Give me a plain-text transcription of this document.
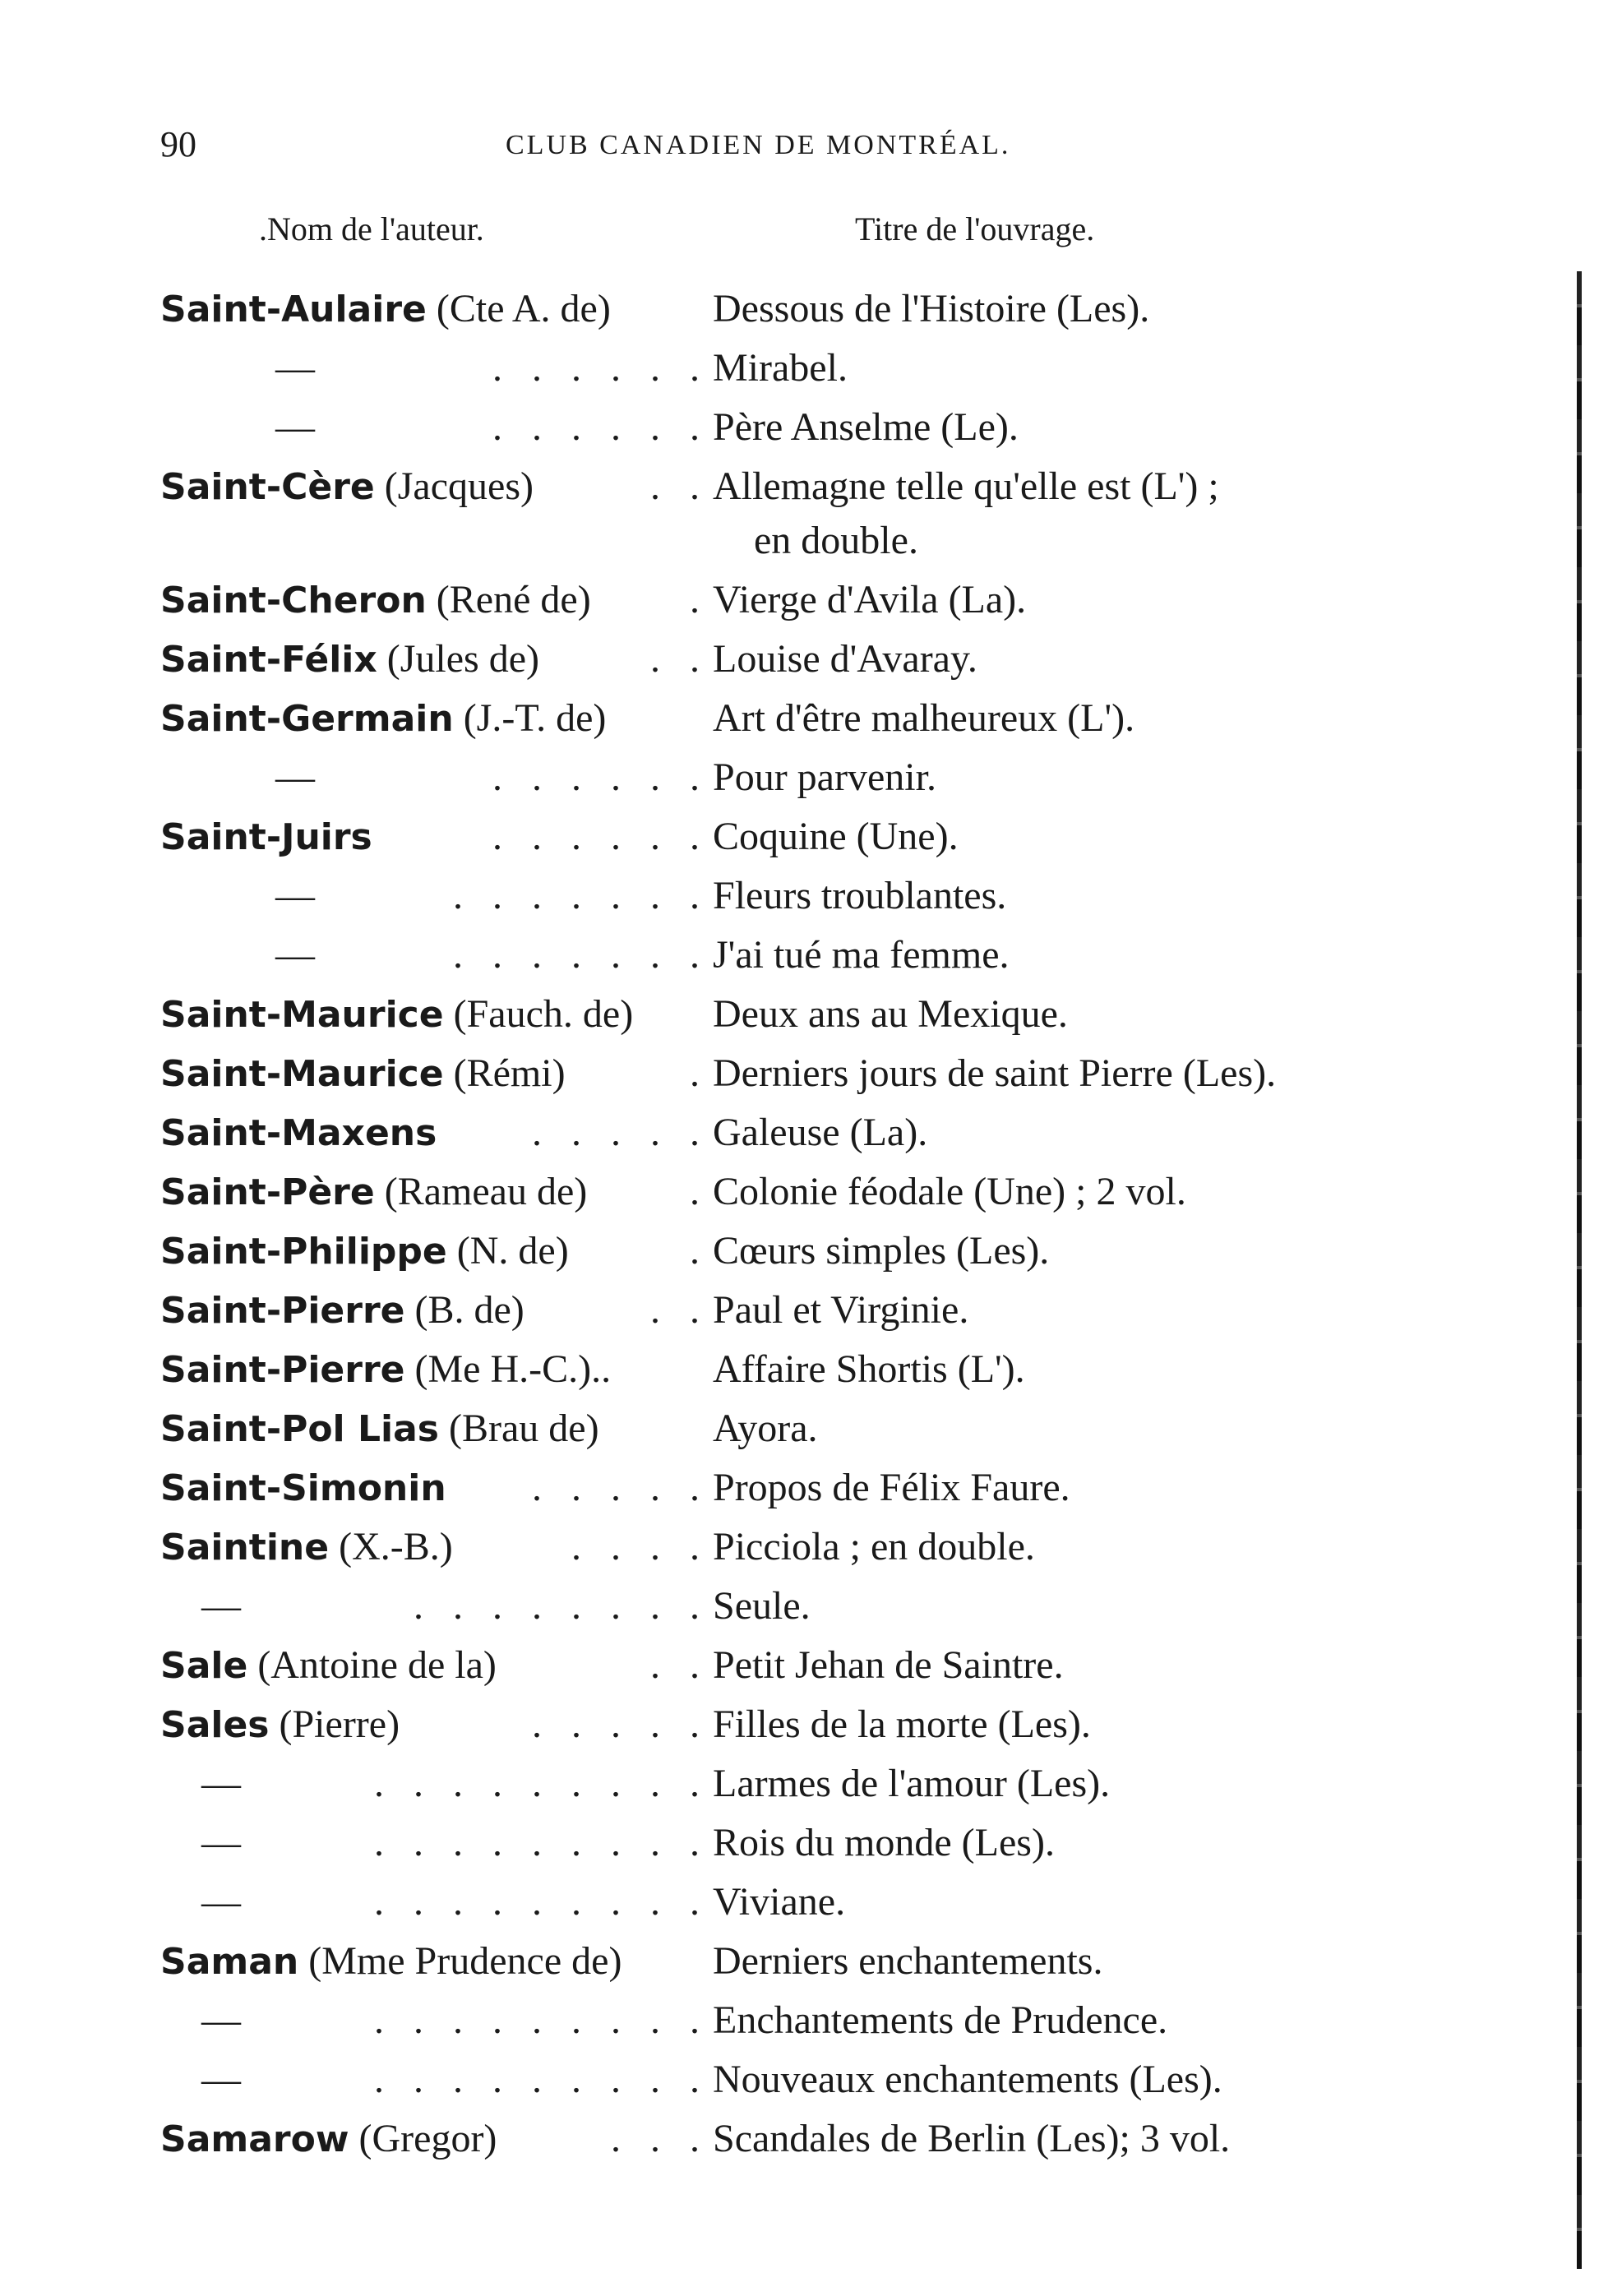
90	CLUB CANADIEN DE MONTRÉAL.
.Nom de l'auteur.	Titre de l'ouvrage.
Saint-Aulaire (Cte A. de)	Dessous de l'Histoire (Les).
—	. . . . . . Mirabel.
—	. . . . . . Père Anselme (Le).
Saint-Cère (Jacques)	. . Allemagne telle qu'elle est (L') ;
en double.
Saint-Cheron (René de)	. Vierge d'Avila (La).
Saint-Félix (Jules de)	. . Louise d'Avaray.
Saint-Germain (J.-T. de)	Art d'être malheureux (L').
—	. . . . . . Pour parvenir.
Saint-Juirs	. . . . . . Coquine (Une).
—	. . . . . . . Fleurs troublantes.
—	. . . . . . . J'ai tué ma femme.
Saint-Maurice (Fauch. de) Deux ans au Mexique.
Saint-Maurice (Rémi)	. Derniers jours de saint Pierre (Les).
Saint-Maxens . . . . . Galeuse (La).
Saint-Père (Rameau de)	. Colonie féodale (Une) ; 2 vol.
Saint-Philippe (N. de)	. Cœurs simples (Les).
Saint-Pierre (B. de)	. . Paul et Virginie.
Saint-Pierre (Me H.-C.)..	Affaire Shortis (L').
Saint-Pol Lias (Brau de)	Ayora.
Saint-Simonin . . . . . Propos de Félix Faure.
Saintine (X.-B.)	. . . . Picciola ; en double.
—	. . . . . . . . Seule.
Sale (Antoine de la)	. . Petit Jehan de Saintre.
Sales (Pierre)	. . . . . Filles de la morte (Les).
—	. . . . . . . . . Larmes de l'amour (Les).
—	. . . . . . . . . Rois du monde (Les).
—	. . . . . . . . . Viviane.
Saman (Mme Prudence de) Derniers enchantements.
—	. . . . . . . . . Enchantements de Prudence.
—	. . . . . . . . . Nouveaux enchantements (Les).
Samarow (Gregor)	. . . Scandales de Berlin (Les); 3 vol.
